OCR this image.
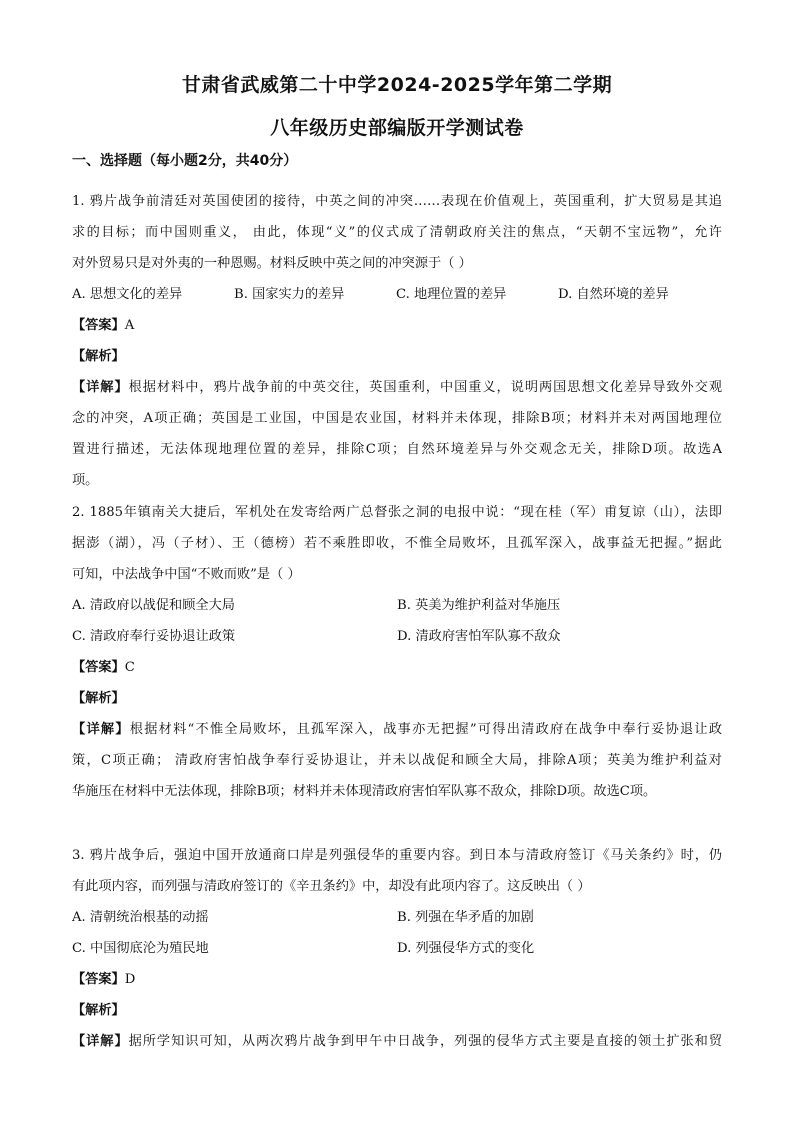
甘肃省武威第二十中学2024-2025学年第二学期
八年级历史部编版开学测试卷
一、选择题（每小题2分，共40分）
1. 鸦片战争前清廷对英国使团的接待，中英之间的冲突……表现在价值观上，英国重利，扩大贸易是其追
求的目标；而中国则重义， 由此，体现“义”的仪式成了清朝政府关注的焦点，“天朝不宝远物”，允许
对外贸易只是对外夷的一种恩赐。材料反映中英之间的冲突源于（ ）
A. 思想文化的差异	B. 国家实力的差异	C. 地理位置的差异	D. 自然环境的差异
【答案】A
【解析】
【详解】根据材料中，鸦片战争前的中英交往，英国重利，中国重义，说明两国思想文化差异导致外交观
念的冲突，A项正确；英国是工业国，中国是农业国，材料并未体现，排除B项；材料并未对两国地理位
置进行描述，无法体现地理位置的差异，排除C项；自然环境差异与外交观念无关，排除D项。故选A
项。
2. 1885年镇南关大捷后，军机处在发寄给两广总督张之洞的电报中说：“现在桂（军）甫复谅（山），法即
据澎（湖），冯（子材）、王（德榜）若不乘胜即收，不惟全局败坏，且孤军深入，战事益无把握。”据此
可知，中法战争中国“不败而败”是（ ）
A. 清政府以战促和顾全大局	B. 英美为维护利益对华施压
C. 清政府奉行妥协退让政策	D. 清政府害怕军队寡不敌众
【答案】C
【解析】
【详解】根据材料“不惟全局败坏，且孤军深入，战事亦无把握”可得出清政府在战争中奉行妥协退让政
策，C项正确； 清政府害怕战争奉行妥协退让，并未以战促和顾全大局，排除A项；英美为维护利益对
华施压在材料中无法体现，排除B项；材料并未体现清政府害怕军队寡不敌众，排除D项。故选C项。
3. 鸦片战争后，强迫中国开放通商口岸是列强侵华的重要内容。到日本与清政府签订《马关条约》时，仍
有此项内容，而列强与清政府签订的《辛丑条约》中，却没有此项内容了。这反映出（ ）
A. 清朝统治根基的动摇	B. 列强在华矛盾的加剧
C. 中国彻底沦为殖民地	D. 列强侵华方式的变化
【答案】D
【解析】
【详解】据所学知识可知，从两次鸦片战争到甲午中日战争，列强的侵华方式主要是直接的领土扩张和贸
